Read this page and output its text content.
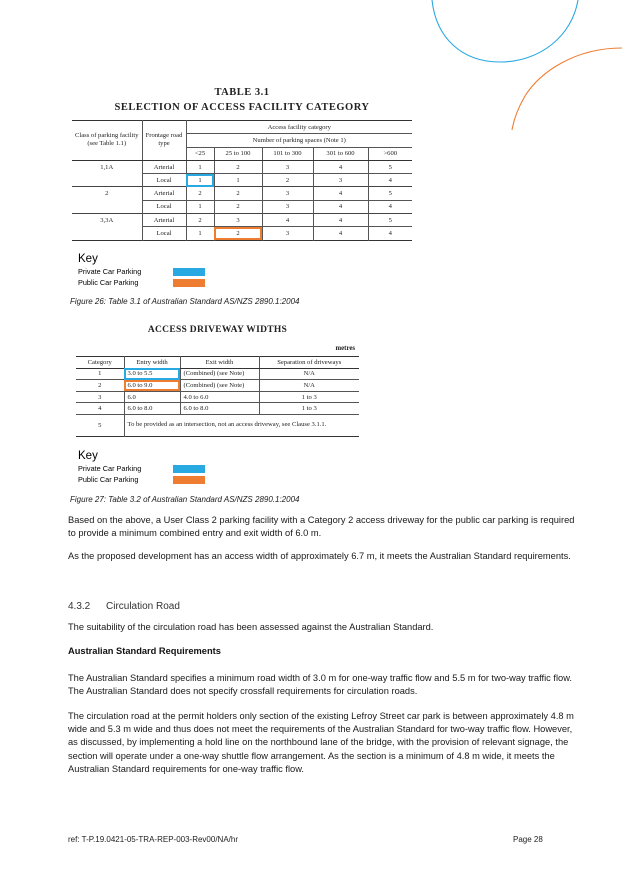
TABLE 3.1
SELECTION OF ACCESS FACILITY CATEGORY
Class of parking facility (see Table 1.1)	Frontage road type	Access facility category				
		Number of parking spaces (Note 1)				
		<25	25 to 100	101 to 300	301 to 600	>600
1,1A	Arterial	1	2	3	4	5
	Local	1	1	2	3	4
2	Arterial	2	2	3	4	5
	Local	1	2	3	4	4
3,3A	Arterial	2	3	4	4	5
	Local	1	2	3	4	4
Key
Private Car Parking
Public Car Parking
Figure 26: Table 3.1 of Australian Standard AS/NZS 2890.1:2004
ACCESS DRIVEWAY WIDTHS
metres
Category	Entry width	Exit width	Separation of driveways
1	3.0 to 5.5	(Combined) (see Note)	N/A
2	6.0 to 9.0	(Combined) (see Note)	N/A
3	6.0	4.0 to 6.0	1 to 3
4	6.0 to 8.0	6.0 to 8.0	1 to 3
5	To be provided as an intersection, not an access driveway, see Clause 3.1.1.		
Key
Private Car Parking
Public Car Parking
Figure 27: Table 3.2 of Australian Standard AS/NZS 2890.1:2004
Based on the above, a User Class 2 parking facility with a Category 2 access driveway for the public car parking is required to provide a minimum combined entry and exit width of 6.0 m.
As the proposed development has an access width of approximately 6.7 m, it meets the Australian Standard requirements.
4.3.2 Circulation Road
The suitability of the circulation road has been assessed against the Australian Standard.
Australian Standard Requirements
The Australian Standard specifies a minimum road width of 3.0 m for one-way traffic flow and 5.5 m for two-way traffic flow. The Australian Standard does not specify crossfall requirements for circulation roads.
The circulation road at the permit holders only section of the existing Lefroy Street car park is between approximately 4.8 m wide and 5.3 m wide and thus does not meet the requirements of the Australian Standard for two-way traffic flow. However, as discussed, by implementing a hold line on the northbound lane of the bridge, with the provision of relevant signage, the section will operate under a one-way shuttle flow arrangement. As the section is a minimum of 4.8 m wide, it meets the Australian Standard requirements for one-way traffic flow.
ref: T-P.19.0421-05-TRA-REP-003-Rev00/NA/hr	Page 28
